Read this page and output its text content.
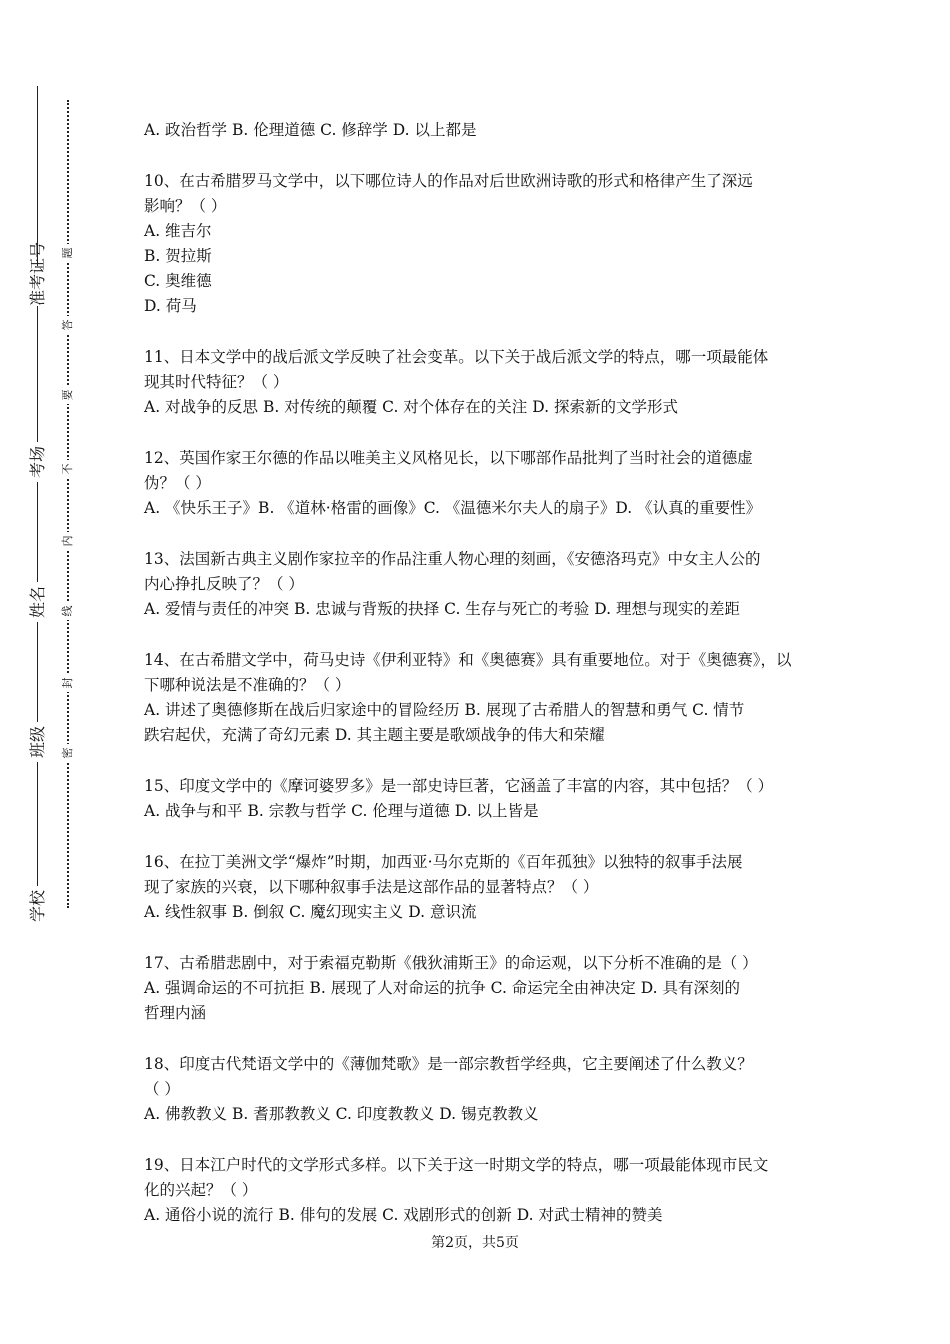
准考证号
考场
姓名
班级
学校
题
答
要
不
内
线
封
密

A. 政治哲学 B. 伦理道德 C. 修辞学 D. 以上都是

10、在古希腊罗马文学中，以下哪位诗人的作品对后世欧洲诗歌的形式和格律产生了深远

影响？（ ）

A. 维吉尔

B. 贺拉斯

C. 奥维德

D. 荷马

11、日本文学中的战后派文学反映了社会变革。以下关于战后派文学的特点，哪一项最能体

现其时代特征？（ ）

A. 对战争的反思 B. 对传统的颠覆 C. 对个体存在的关注 D. 探索新的文学形式

12、英国作家王尔德的作品以唯美主义风格见长，以下哪部作品批判了当时社会的道德虚

伪？（ ）

A. 《快乐王子》B. 《道林·格雷的画像》C. 《温德米尔夫人的扇子》D. 《认真的重要性》

13、法国新古典主义剧作家拉辛的作品注重人物心理的刻画，《安德洛玛克》中女主人公的

内心挣扎反映了？（ ）

A. 爱情与责任的冲突 B. 忠诚与背叛的抉择 C. 生存与死亡的考验 D. 理想与现实的差距

14、在古希腊文学中，荷马史诗《伊利亚特》和《奥德赛》具有重要地位。对于《奥德赛》，以

下哪种说法是不准确的？（ ）

A. 讲述了奥德修斯在战后归家途中的冒险经历 B. 展现了古希腊人的智慧和勇气 C. 情节

跌宕起伏，充满了奇幻元素 D. 其主题主要是歌颂战争的伟大和荣耀

15、印度文学中的《摩诃婆罗多》是一部史诗巨著，它涵盖了丰富的内容，其中包括？（ ）

A. 战争与和平 B. 宗教与哲学 C. 伦理与道德 D. 以上皆是

16、在拉丁美洲文学“爆炸”时期，加西亚·马尔克斯的《百年孤独》以独特的叙事手法展

现了家族的兴衰，以下哪种叙事手法是这部作品的显著特点？（ ）

A. 线性叙事 B. 倒叙 C. 魔幻现实主义 D. 意识流

17、古希腊悲剧中，对于索福克勒斯《俄狄浦斯王》的命运观，以下分析不准确的是（ ）

A. 强调命运的不可抗拒 B. 展现了人对命运的抗争 C. 命运完全由神决定 D. 具有深刻的

哲理内涵

18、印度古代梵语文学中的《薄伽梵歌》是一部宗教哲学经典，它主要阐述了什么教义？

（ ）

A. 佛教教义 B. 耆那教教义 C. 印度教教义 D. 锡克教教义

19、日本江户时代的文学形式多样。以下关于这一时期文学的特点，哪一项最能体现市民文

化的兴起？（ ）

A. 通俗小说的流行 B. 俳句的发展 C. 戏剧形式的创新 D. 对武士精神的赞美

第2页，共5页
